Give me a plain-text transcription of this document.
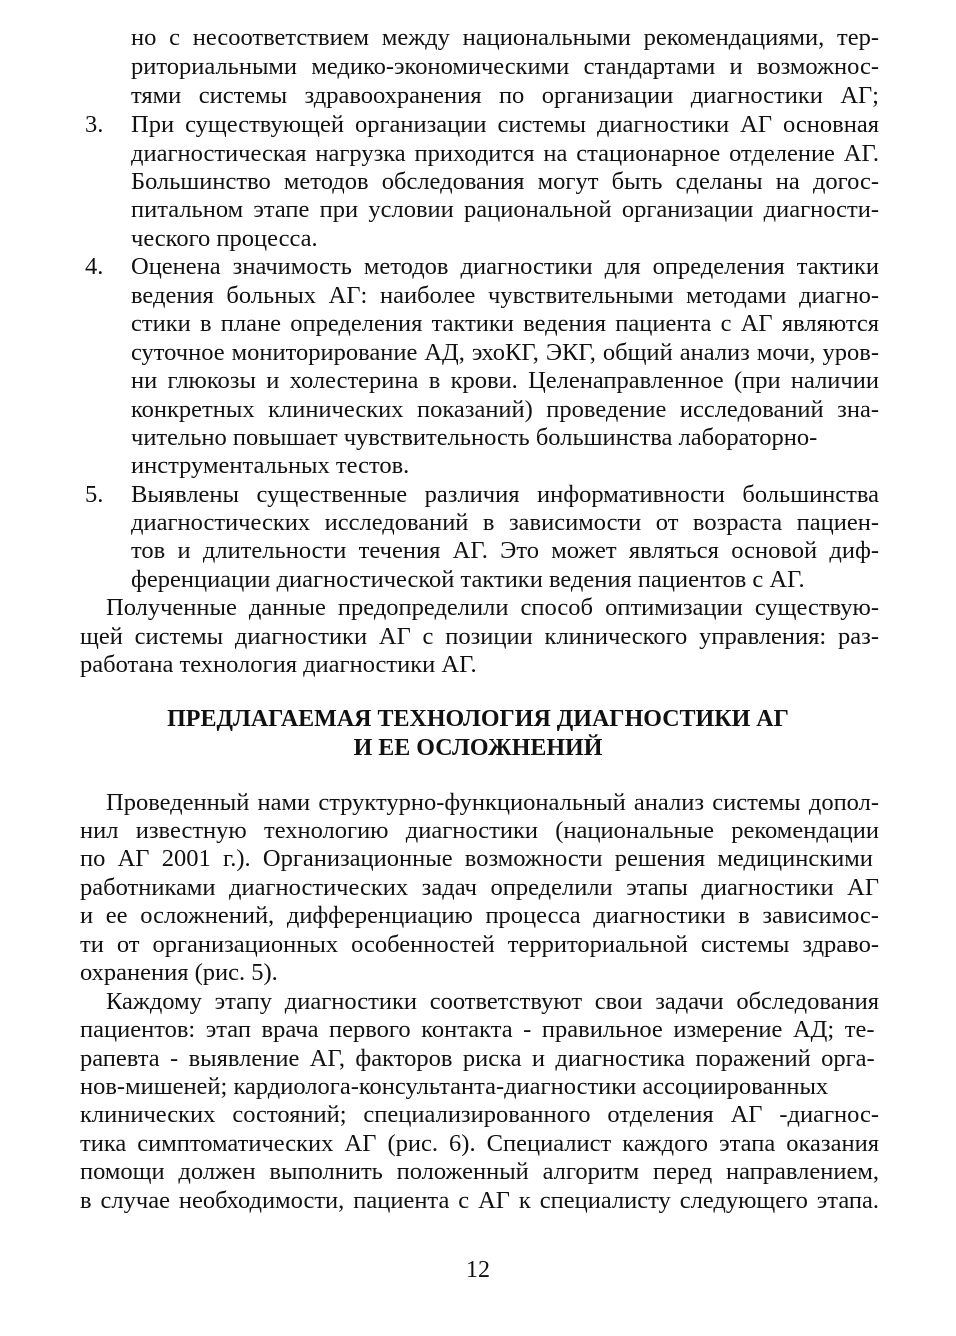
но с несоответствием между национальными рекомендациями, тер-
риториальными медико-экономическими стандартами и возможнос-
тями системы здравоохранения по организации диагностики АГ;
3. При существующей организации системы диагностики АГ основная
диагностическая нагрузка приходится на стационарное отделение АГ.
Большинство методов обследования могут быть сделаны на догос-
питальном этапе при условии рациональной организации диагности-
ческого процесса.
4. Оценена значимость методов диагностики для определения тактики
ведения больных АГ: наиболее чувствительными методами диагно-
стики в плане определения тактики ведения пациента с АГ являются
суточное мониторирование АД, эхоКГ, ЭКГ, общий анализ мочи, уров-
ни глюкозы и холестерина в крови. Целенаправленное (при наличии
конкретных клинических показаний) проведение исследований зна-
чительно повышает чувствительность большинства лабораторно-
инструментальных тестов.
5. Выявлены существенные различия информативности большинства
диагностических исследований в зависимости от возраста пациен-
тов и длительности течения АГ. Это может являться основой диф-
ференциации диагностической тактики ведения пациентов с АГ.
Полученные данные предопределили способ оптимизации существую-
щей системы диагностики АГ с позиции клинического управления: раз-
работана технология диагностики АГ.
ПРЕДЛАГАЕМАЯ ТЕХНОЛОГИЯ ДИАГНОСТИКИ АГ
И ЕЕ ОСЛОЖНЕНИЙ
Проведенный нами структурно-функциональный анализ системы допол-
нил известную технологию диагностики (национальные рекомендации
по АГ 2001 г.). Организационные возможности решения медицинскими
работниками диагностических задач определили этапы диагностики АГ
и ее осложнений, дифференциацию процесса диагностики в зависимос-
ти от организационных особенностей территориальной системы здраво-
охранения (рис. 5).
Каждому этапу диагностики соответствуют свои задачи обследования
пациентов: этап врача первого контакта - правильное измерение АД; те-
рапевта - выявление АГ, факторов риска и диагностика поражений орга-
нов-мишеней; кардиолога-консультанта-диагностики ассоциированных
клинических состояний; специализированного отделения АГ -диагнос-
тика симптоматических АГ (рис. 6). Специалист каждого этапа оказания
помощи должен выполнить положенный алгоритм перед направлением,
в случае необходимости, пациента с АГ к специалисту следующего этапа.
12
